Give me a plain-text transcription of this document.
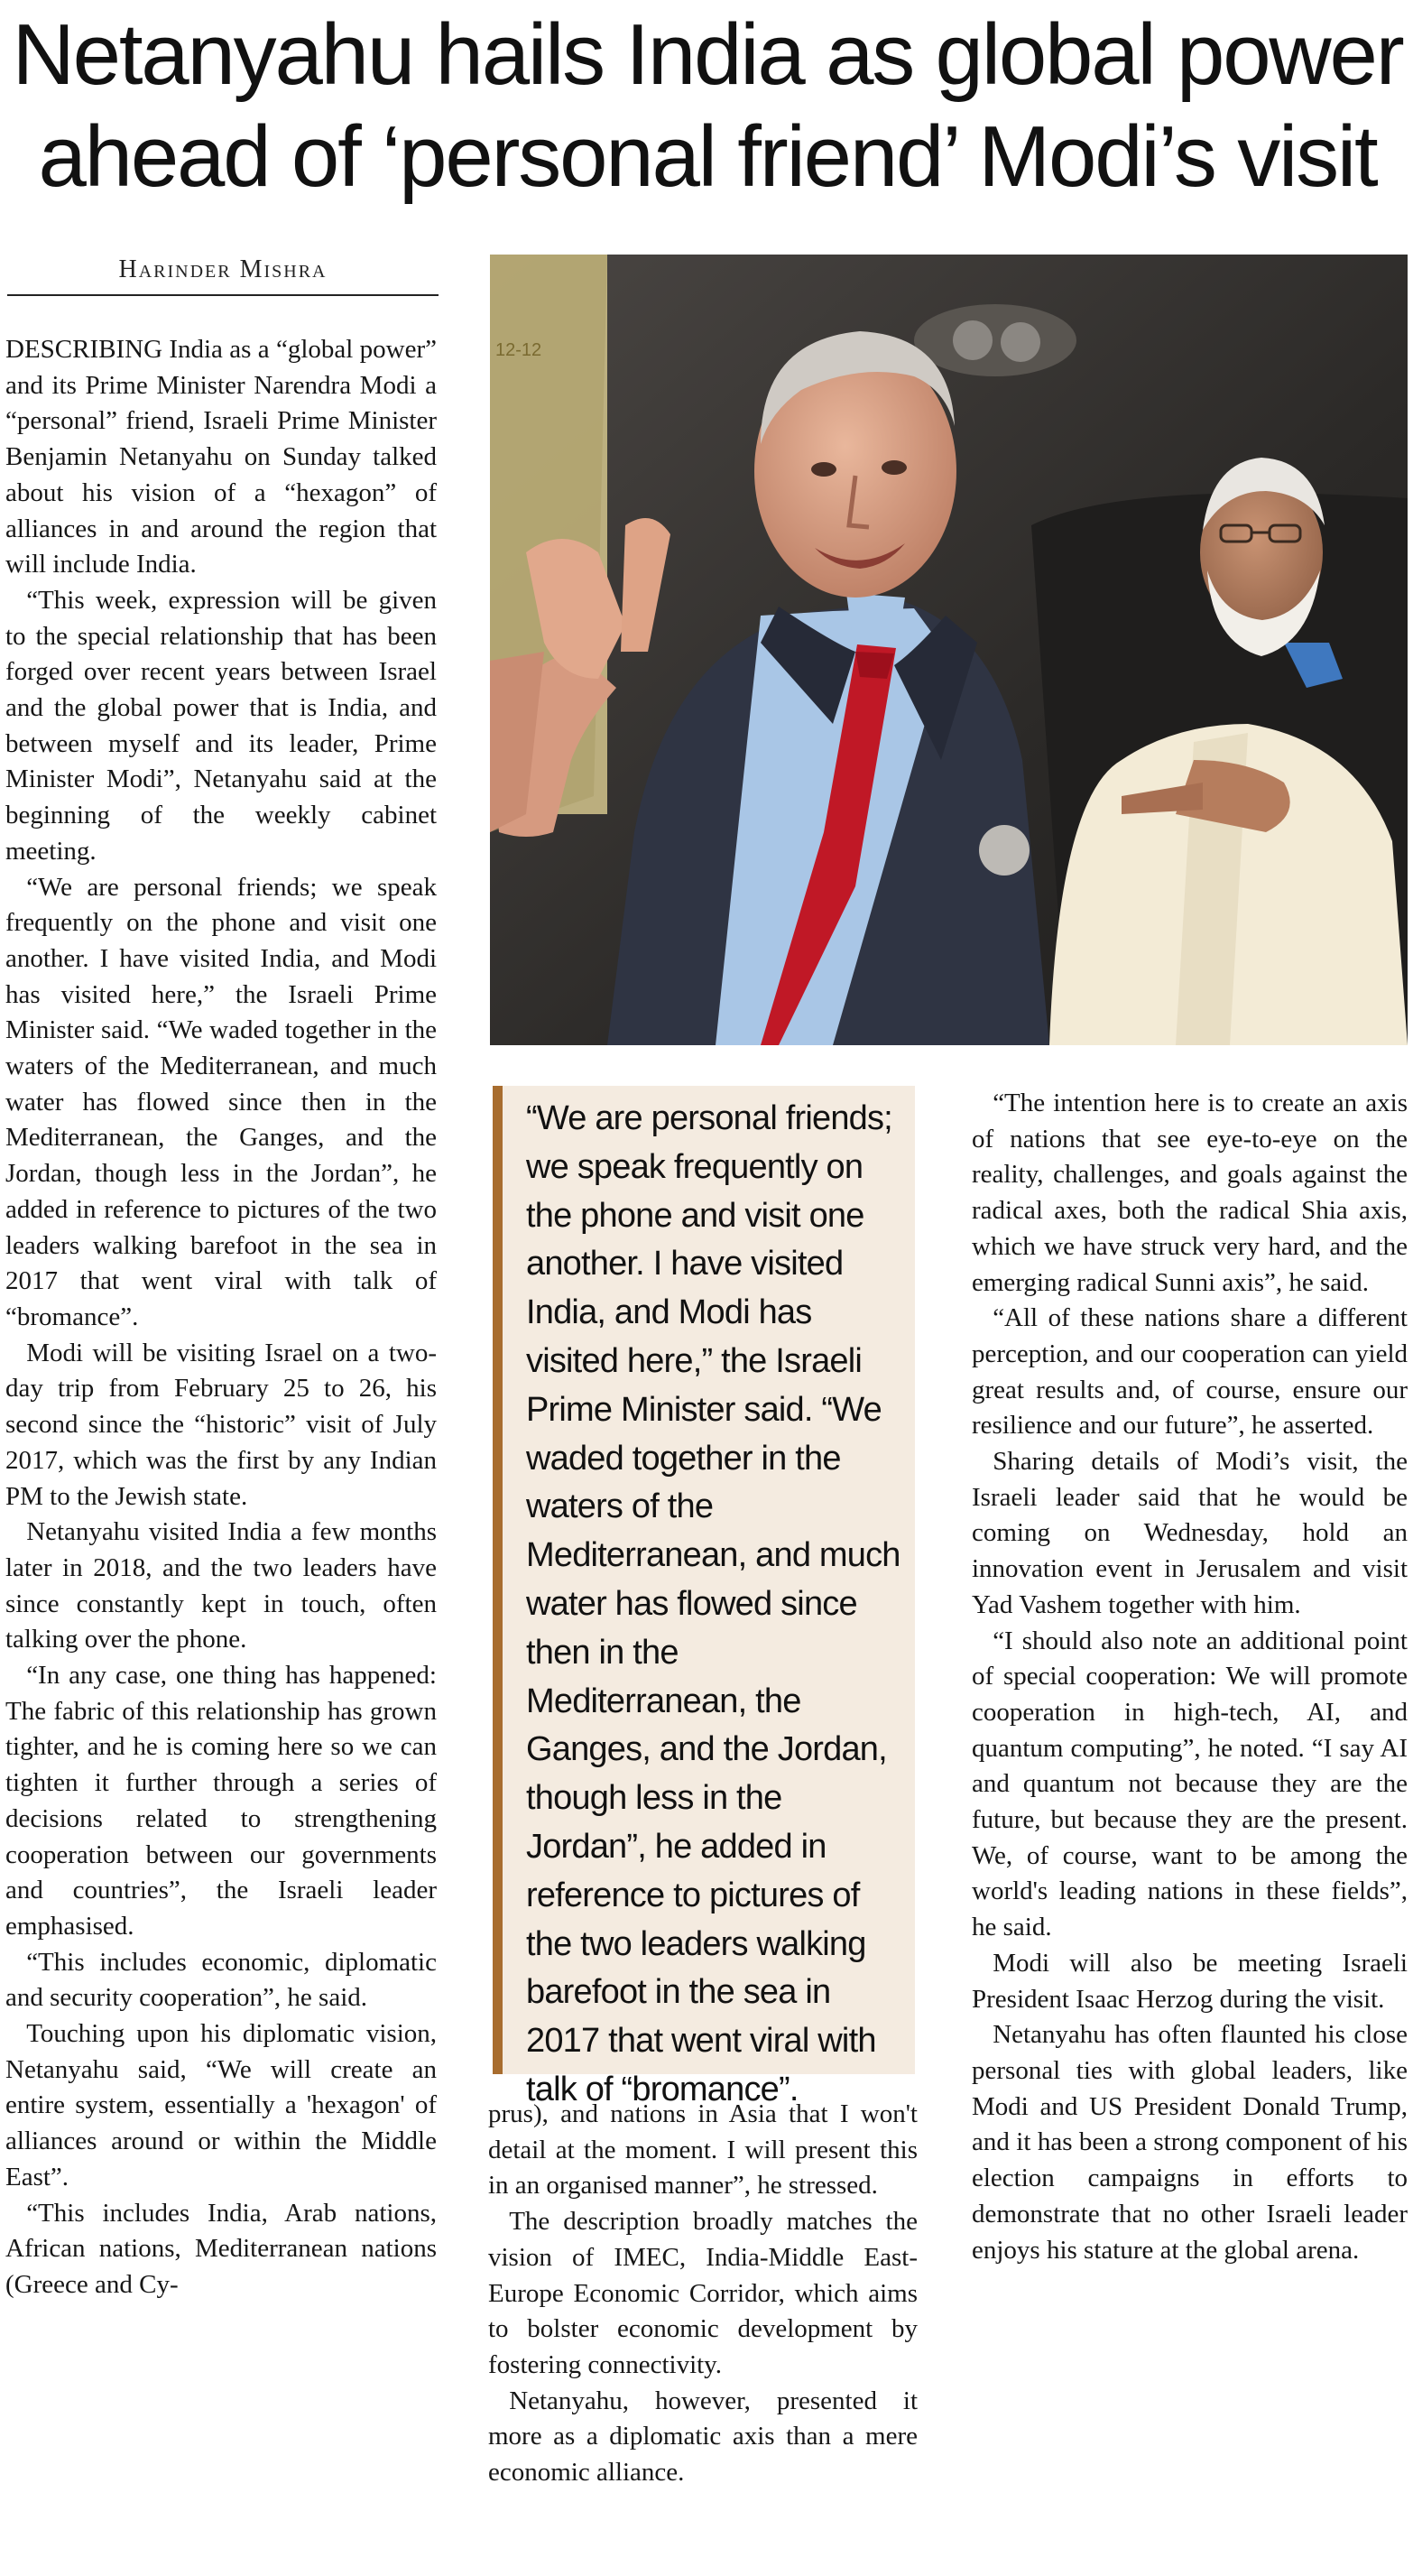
Netanyahu hails India as global power
ahead of ‘personal friend’ Modi’s visit
Harinder Mishra

DESCRIBING India as a “global power” and its Prime Minister Narendra Modi a “personal” friend, Israeli Prime Minister Benjamin Netanyahu on Sunday talked about his vision of a “hexagon” of alliances in and around the region that will include India.

“This week, expression will be given to the special relationship that has been forged over recent years between Israel and the global power that is India, and between myself and its leader, Prime Minister Modi”, Netanyahu said at the beginning of the weekly cabinet meeting.

“We are personal friends; we speak frequently on the phone and visit one another. I have visited India, and Modi has visited here,” the Israeli Prime Minister said. “We waded together in the waters of the Mediterranean, and much water has flowed since then in the Mediterranean, the Ganges, and the Jordan, though less in the Jordan”, he added in reference to pictures of the two leaders walking barefoot in the sea in 2017 that went viral with talk of “bromance”.

Modi will be visiting Israel on a two-day trip from February 25 to 26, his second since the “historic” visit of July 2017, which was the first by any Indian PM to the Jewish state.

Netanyahu visited India a few months later in 2018, and the two leaders have since constantly kept in touch, often talking over the phone.

“In any case, one thing has happened: The fabric of this relationship has grown tighter, and he is coming here so we can tighten it further through a series of decisions related to strengthening cooperation between our governments and countries”, the Israeli leader emphasised.

“This includes economic, diplomatic and security cooperation”, he said.

Touching upon his diplomatic vision, Netanyahu said, “We will create an entire system, essentially a 'hexagon' of alliances around or within the Middle East”.

“This includes India, Arab nations, African nations, Mediterranean nations (Greece and Cy-

12-12
“We are personal friends; we speak frequently on the phone and visit one another. I have visited India, and Modi has visited here,” the Israeli Prime Minister said. “We waded together in the waters of the Mediterranean, and much water has flowed since then in the Mediterranean, the Ganges, and the Jordan, though less in the Jordan”, he added in reference to pictures of the two leaders walking barefoot in the sea in 2017 that went viral with talk of “bromance”.

prus), and nations in Asia that I won't detail at the moment. I will present this in an organised manner”, he stressed.

The description broadly matches the vision of IMEC, India-Middle East- Europe Economic Corridor, which aims to bolster economic development by fostering connectivity.

Netanyahu, however, presented it more as a diplomatic axis than a mere economic alliance.

“The intention here is to create an axis of nations that see eye-to-eye on the reality, challenges, and goals against the radical axes, both the radical Shia axis, which we have struck very hard, and the emerging radical Sunni axis”, he said.

“All of these nations share a different perception, and our cooperation can yield great results and, of course, ensure our resilience and our future”, he asserted.

Sharing details of Modi’s visit, the Israeli leader said that he would be coming on Wednesday, hold an innovation event in Jerusalem and visit Yad Vashem together with him.

“I should also note an additional point of special cooperation: We will promote cooperation in high-tech, AI, and quantum computing”, he noted. “I say AI and quantum not because they are the future, but because they are the present. We, of course, want to be among the world's leading nations in these fields”, he said.

Modi will also be meeting Israeli President Isaac Herzog during the visit.

Netanyahu has often flaunted his close personal ties with global leaders, like Modi and US President Donald Trump, and it has been a strong component of his election campaigns in efforts to demonstrate that no other Israeli leader enjoys his stature at the global arena.
